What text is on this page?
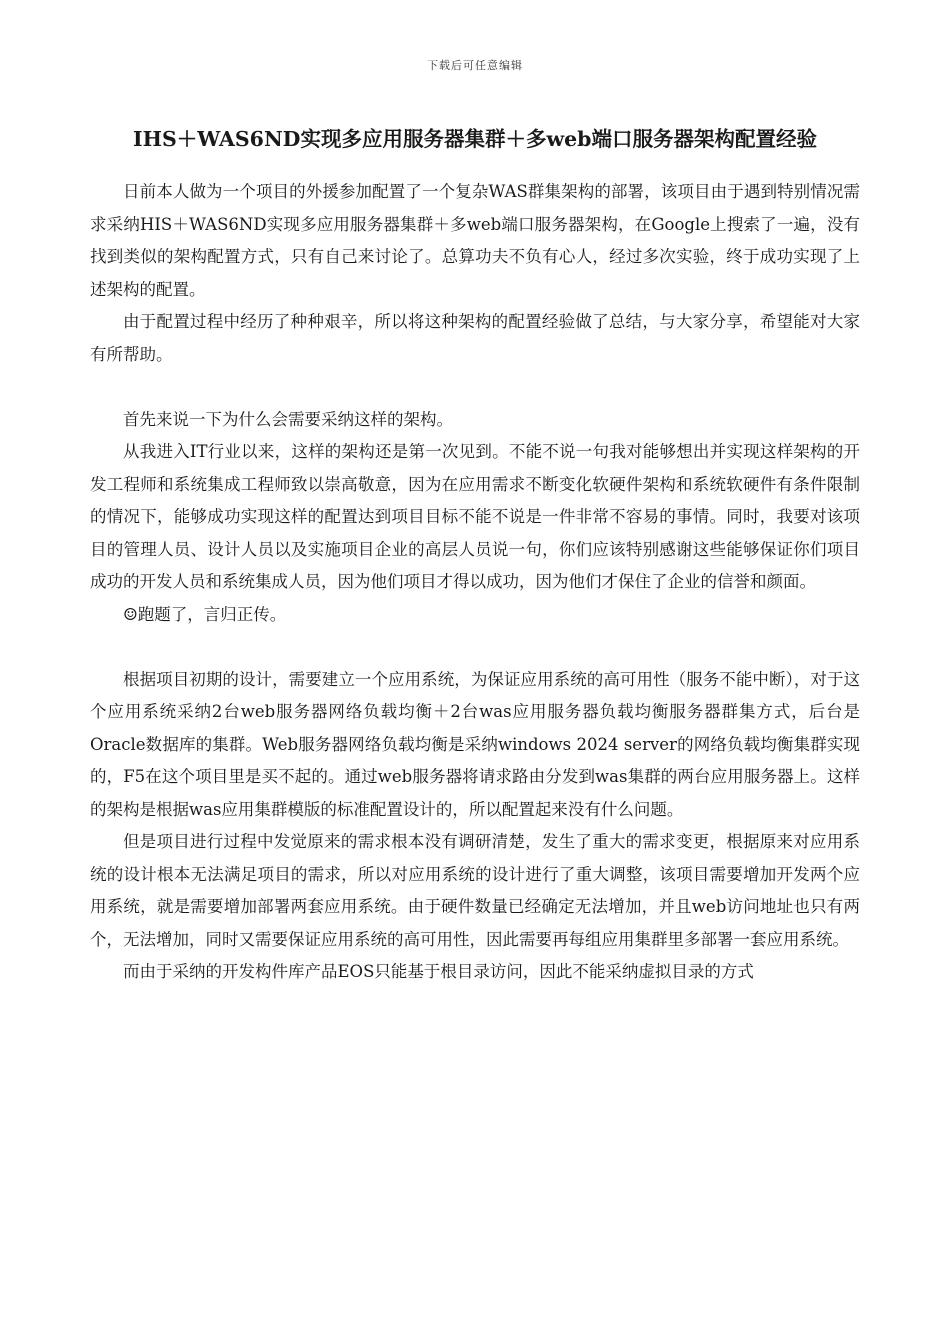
下载后可任意编辑
IHS＋WAS6ND实现多应用服务器集群＋多web端口服务器架构配置经验

日前本人做为一个项目的外援参加配置了一个复杂WAS群集架构的部署，该项目由于遇到特别情况需求采纳HIS＋WAS6ND实现多应用服务器集群＋多web端口服务器架构，在Google上搜索了一遍，没有找到类似的架构配置方式，只有自己来讨论了。总算功夫不负有心人，经过多次实验，终于成功实现了上述架构的配置。

由于配置过程中经历了种种艰辛，所以将这种架构的配置经验做了总结，与大家分享，希望能对大家有所帮助。

首先来说一下为什么会需要采纳这样的架构。

从我进入IT行业以来，这样的架构还是第一次见到。不能不说一句我对能够想出并实现这样架构的开发工程师和系统集成工程师致以崇高敬意，因为在应用需求不断变化软硬件架构和系统软硬件有条件限制的情况下，能够成功实现这样的配置达到项目目标不能不说是一件非常不容易的事情。同时，我要对该项目的管理人员、设计人员以及实施项目企业的高层人员说一句，你们应该特别感谢这些能够保证你们项目成功的开发人员和系统集成人员，因为他们项目才得以成功，因为他们才保住了企业的信誉和颜面。

☺跑题了，言归正传。

根据项目初期的设计，需要建立一个应用系统，为保证应用系统的高可用性（服务不能中断），对于这个应用系统采纳2台web服务器网络负载均衡＋2台was应用服务器负载均衡服务器群集方式，后台是Oracle数据库的集群。Web服务器网络负载均衡是采纳windows 2024 server的网络负载均衡集群实现的，F5在这个项目里是买不起的。通过web服务器将请求路由分发到was集群的两台应用服务器上。这样的架构是根据was应用集群模版的标准配置设计的，所以配置起来没有什么问题。

但是项目进行过程中发觉原来的需求根本没有调研清楚，发生了重大的需求变更，根据原来对应用系统的设计根本无法满足项目的需求，所以对应用系统的设计进行了重大调整，该项目需要增加开发两个应用系统，就是需要增加部署两套应用系统。由于硬件数量已经确定无法增加，并且web访问地址也只有两个，无法增加，同时又需要保证应用系统的高可用性，因此需要再每组应用集群里多部署一套应用系统。

而由于采纳的开发构件库产品EOS只能基于根目录访问，因此不能采纳虚拟目录的方式
